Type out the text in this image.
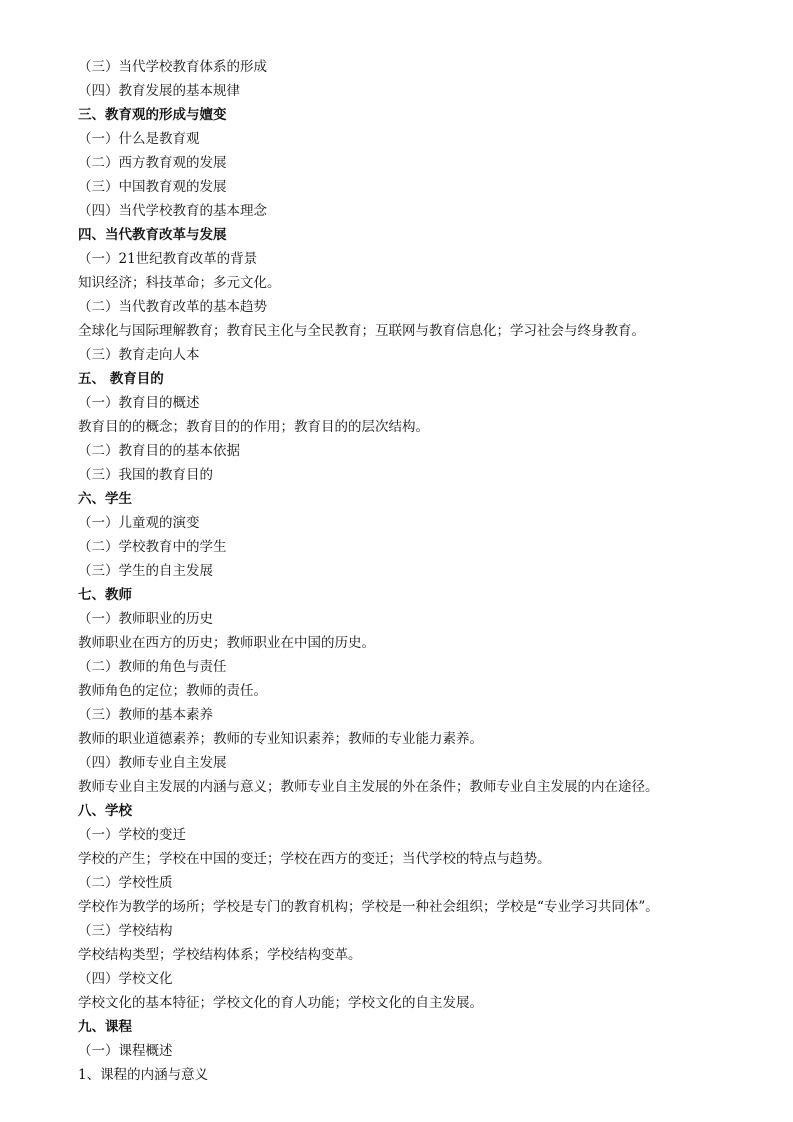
（三）当代学校教育体系的形成
（四）教育发展的基本规律
三、教育观的形成与嬗变
（一）什么是教育观
（二）西方教育观的发展
（三）中国教育观的发展
（四）当代学校教育的基本理念
四、当代教育改革与发展
（一）21世纪教育改革的背景
知识经济；科技革命；多元文化。
（二）当代教育改革的基本趋势
全球化与国际理解教育；教育民主化与全民教育；互联网与教育信息化；学习社会与终身教育。
（三）教育走向人本
五、 教育目的
（一）教育目的概述
教育目的的概念；教育目的的作用；教育目的的层次结构。
（二）教育目的的基本依据
（三）我国的教育目的
六、学生
（一）儿童观的演变
（二）学校教育中的学生
（三）学生的自主发展
七、教师
（一）教师职业的历史
教师职业在西方的历史；教师职业在中国的历史。
（二）教师的角色与责任
教师角色的定位；教师的责任。
（三）教师的基本素养
教师的职业道德素养；教师的专业知识素养；教师的专业能力素养。
（四）教师专业自主发展
教师专业自主发展的内涵与意义；教师专业自主发展的外在条件；教师专业自主发展的内在途径。
八、学校
（一）学校的变迁
学校的产生；学校在中国的变迁；学校在西方的变迁；当代学校的特点与趋势。
（二）学校性质
学校作为教学的场所；学校是专门的教育机构；学校是一种社会组织；学校是“专业学习共同体”。
（三）学校结构
学校结构类型；学校结构体系；学校结构变革。
（四）学校文化
学校文化的基本特征；学校文化的育人功能；学校文化的自主发展。
九、课程
（一）课程概述
1、课程的内涵与意义
